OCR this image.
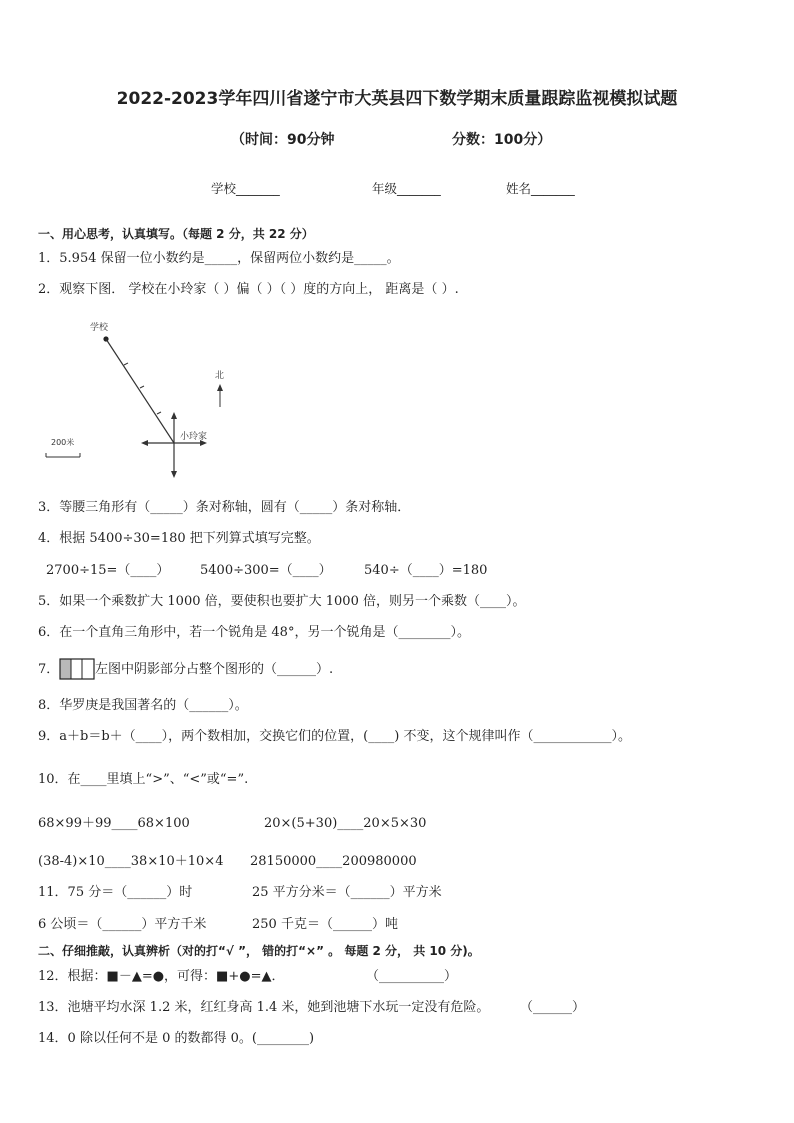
2022-2023学年四川省遂宁市大英县四下数学期末质量跟踪监视模拟试题
（时间：90分钟	分数：100分）
学校_______	年级_______	姓名_______
一、用心思考，认真填写。（每题 2 分，共 22 分）
1．5.954 保留一位小数约是_____，保留两位小数约是_____。
2．观察下图． 学校在小玲家（ ）偏（ ）（ ）度的方向上， 距离是（ ）.
学校
小玲家
北
200米
3．等腰三角形有（_____）条对称轴，圆有（_____）条对称轴．
4．根据 5400÷30=180 把下列算式填写完整。
2700÷15=（____） 5400÷300=（____） 540÷（____）=180
5．如果一个乘数扩大 1000 倍，要使积也要扩大 1000 倍，则另一个乘数（____）。
6．在一个直角三角形中，若一个锐角是 48°，另一个锐角是（________）。
7．	左图中阴影部分占整个图形的（______）.
8．华罗庚是我国著名的（______）。
9．a＋b＝b＋（____），两个数相加，交换它们的位置，(____) 不变，这个规律叫作（____________）。
10．在____里填上“>”、“<”或“=”.
68×99＋99____68×100	20×(5+30)____20×5×30
(38-4)×10____38×10＋10×4 28150000____200980000
11．75 分＝（______）时	25 平方分米＝（______）平方米
6 公顷＝（______）平方千米	250 千克＝（______）吨
二、仔细推敲，认真辨析（对的打“√ ”， 错的打“×” 。 每题 2 分， 共 10 分)。
12．根据：■－▲=●，可得：■+●=▲．	（__________）
13．池塘平均水深 1.2 米，红红身高 1.4 米，她到池塘下水玩一定没有危险。 （______）
14．0 除以任何不是 0 的数都得 0。(________)
